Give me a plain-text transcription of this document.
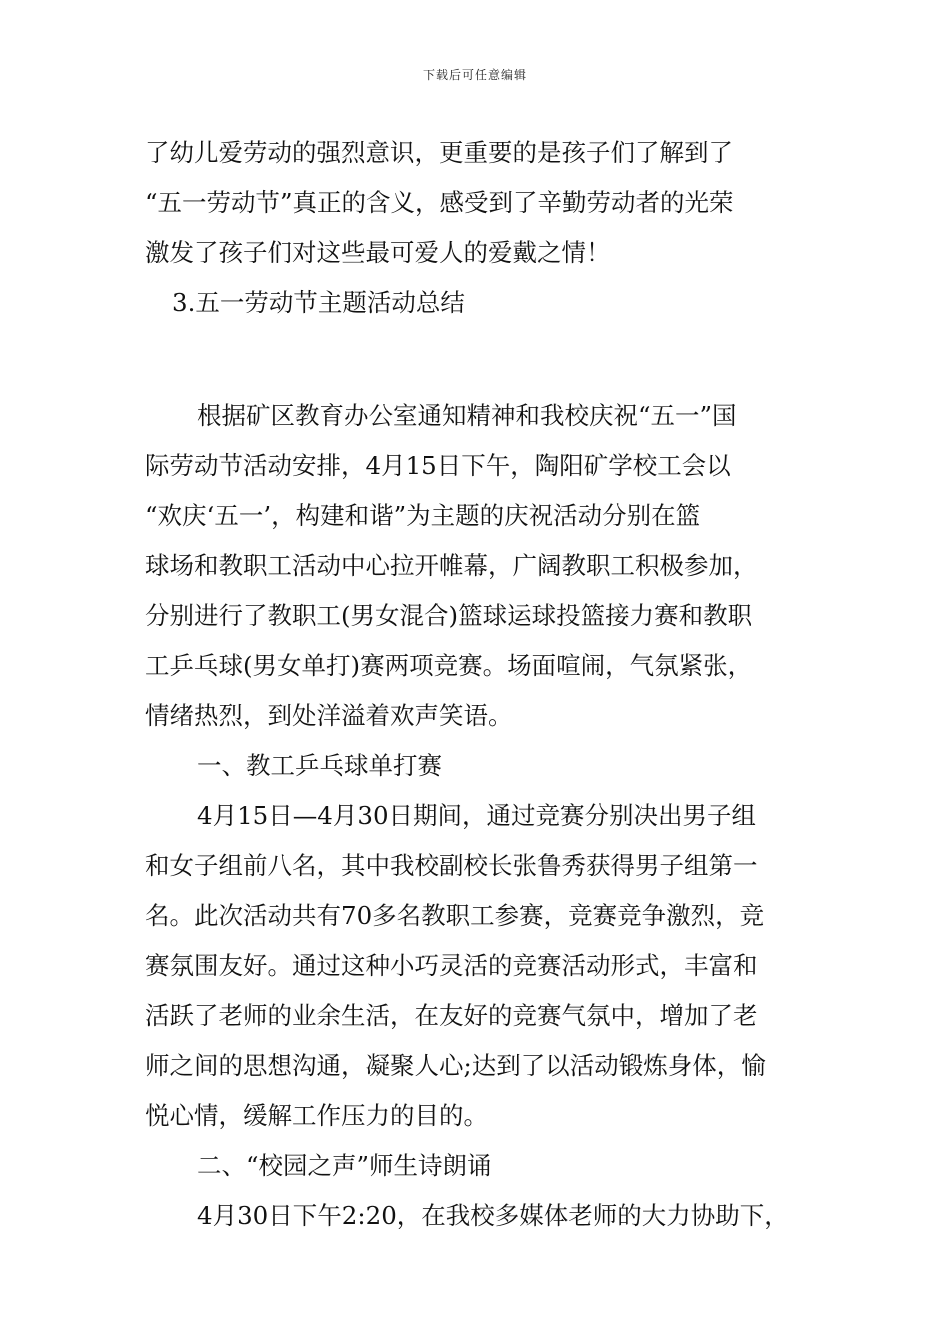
下载后可任意编辑

了幼儿爱劳动的强烈意识，更重要的是孩子们了解到了

“五一劳动节”真正的含义，感受到了辛勤劳动者的光荣

激发了孩子们对这些最可爱人的爱戴之情！

3.五一劳动节主题活动总结

根据矿区教育办公室通知精神和我校庆祝“五一”国

际劳动节活动安排，4月15日下午，陶阳矿学校工会以

“欢庆‘五一’，构建和谐”为主题的庆祝活动分别在篮

球场和教职工活动中心拉开帷幕，广阔教职工积极参加，

分别进行了教职工(男女混合)篮球运球投篮接力赛和教职

工乒乓球(男女单打)赛两项竞赛。场面喧闹，气氛紧张，

情绪热烈，到处洋溢着欢声笑语。

一、教工乒乓球单打赛

4月15日—4月30日期间，通过竞赛分别决出男子组

和女子组前八名，其中我校副校长张鲁秀获得男子组第一

名。此次活动共有70多名教职工参赛，竞赛竞争激烈，竞

赛氛围友好。通过这种小巧灵活的竞赛活动形式，丰富和

活跃了老师的业余生活，在友好的竞赛气氛中，增加了老

师之间的思想沟通，凝聚人心;达到了以活动锻炼身体，愉

悦心情，缓解工作压力的目的。

二、“校园之声”师生诗朗诵

4月30日下午2:20，在我校多媒体老师的大力协助下，
